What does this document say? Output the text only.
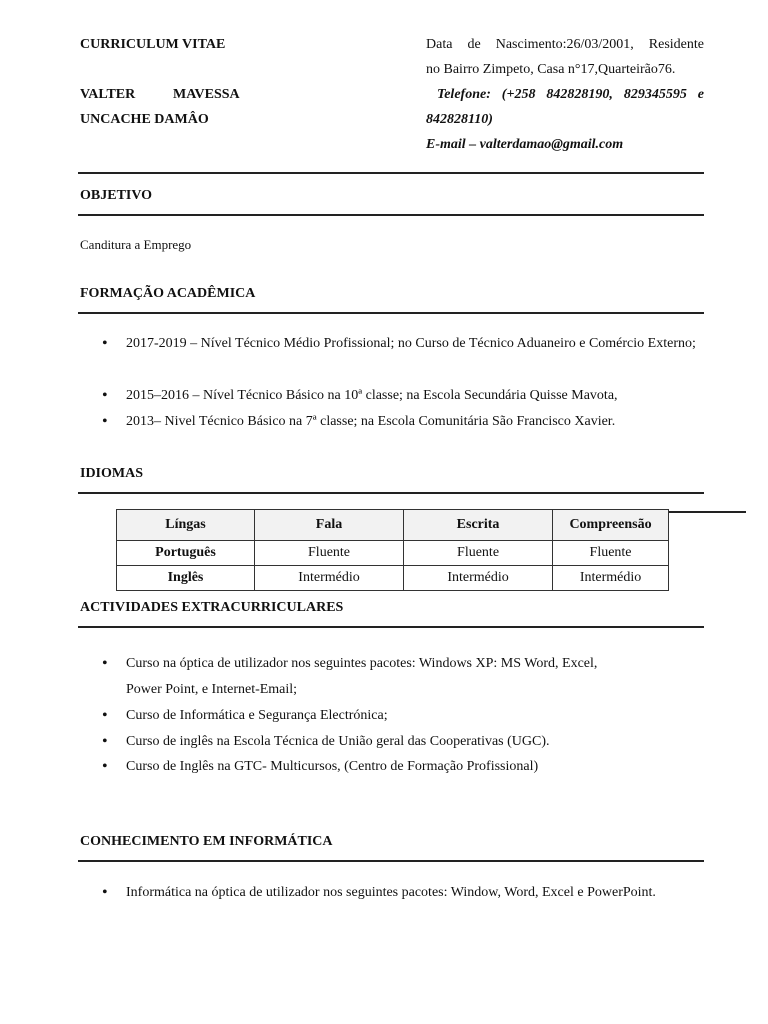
CURRICULUM VITAE
VALTER	MAVESSA
UNCACHE DAMÂO
Data de Nascimento:26/03/2001, Residente
no Bairro Zimpeto, Casa n°17,Quarteirão76.
Telefone: (+258 842828190, 829345595 e
842828110)
E-mail – valterdamao@gmail.com
OBJETIVO
Canditura a Emprego
FORMAÇÃO ACADÊMICA
• 2017-2019 – Nível Técnico Médio Profissional; no Curso de Técnico Aduaneiro e Comércio Externo;
• 2015–2016 – Nível Técnico Básico na 10ª classe; na Escola Secundária Quisse Mavota,
• 2013– Nivel Técnico Básico na 7ª classe; na Escola Comunitária São Francisco Xavier.
IDIOMAS
Língas	Fala	Escrita	Compreensão
Português	Fluente	Fluente	Fluente
Inglês	Intermédio	Intermédio	Intermédio
ACTIVIDADES EXTRACURRICULARES
• Curso na óptica de utilizador nos seguintes pacotes: Windows XP: MS Word, Excel,
Power Point, e Internet-Email;
• Curso de Informática e Segurança Electrónica;
• Curso de inglês na Escola Técnica de União geral das Cooperativas (UGC).
• Curso de Inglês na GTC- Multicursos, (Centro de Formação Profissional)
CONHECIMENTO EM INFORMÁTICA
• Informática na óptica de utilizador nos seguintes pacotes: Window, Word, Excel e PowerPoint.
